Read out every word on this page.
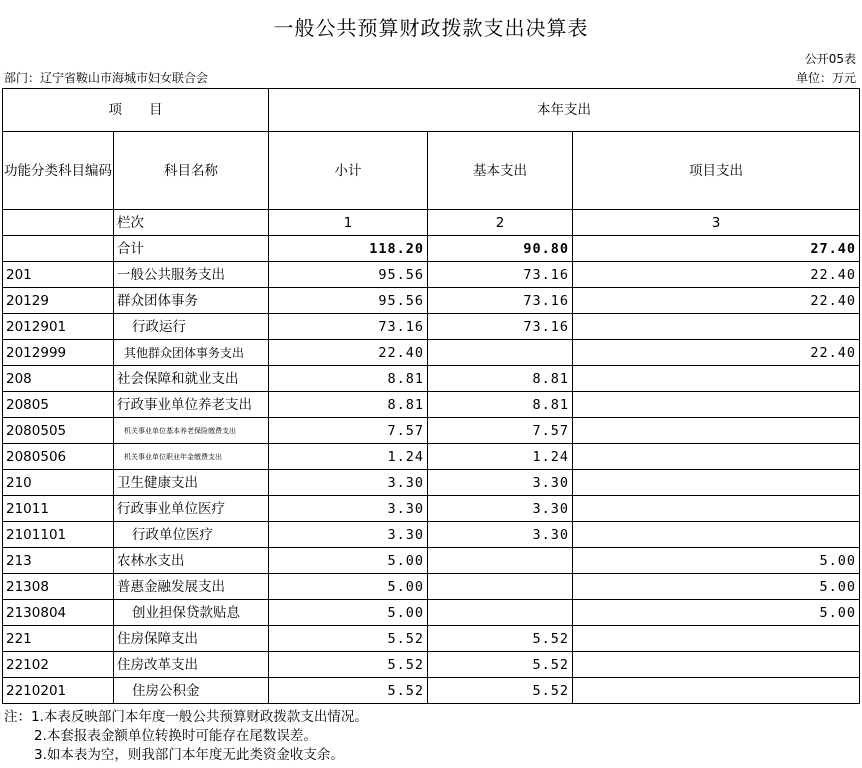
一般公共预算财政拨款支出决算表
公开05表
部门：辽宁省鞍山市海城市妇女联合会	单位：万元
项　　目		本年支出		
功能分类科目编码	科目名称	小计	基本支出	项目支出
	栏次	1	2	3
	合计	118.20	90.80	27.40
201	一般公共服务支出	95.56	73.16	22.40
20129	群众团体事务	95.56	73.16	22.40
2012901	行政运行	73.16	73.16	
2012999	其他群众团体事务支出	22.40		22.40
208	社会保障和就业支出	8.81	8.81	
20805	行政事业单位养老支出	8.81	8.81	
2080505	机关事业单位基本养老保险缴费支出	7.57	7.57	
2080506	机关事业单位职业年金缴费支出	1.24	1.24	
210	卫生健康支出	3.30	3.30	
21011	行政事业单位医疗	3.30	3.30	
2101101	行政单位医疗	3.30	3.30	
213	农林水支出	5.00		5.00
21308	普惠金融发展支出	5.00		5.00
2130804	创业担保贷款贴息	5.00		5.00
221	住房保障支出	5.52	5.52	
22102	住房改革支出	5.52	5.52	
2210201	住房公积金	5.52	5.52	
注：1.本表反映部门本年度一般公共预算财政拨款支出情况。
2.本套报表金额单位转换时可能存在尾数误差。
3.如本表为空，则我部门本年度无此类资金收支余。
